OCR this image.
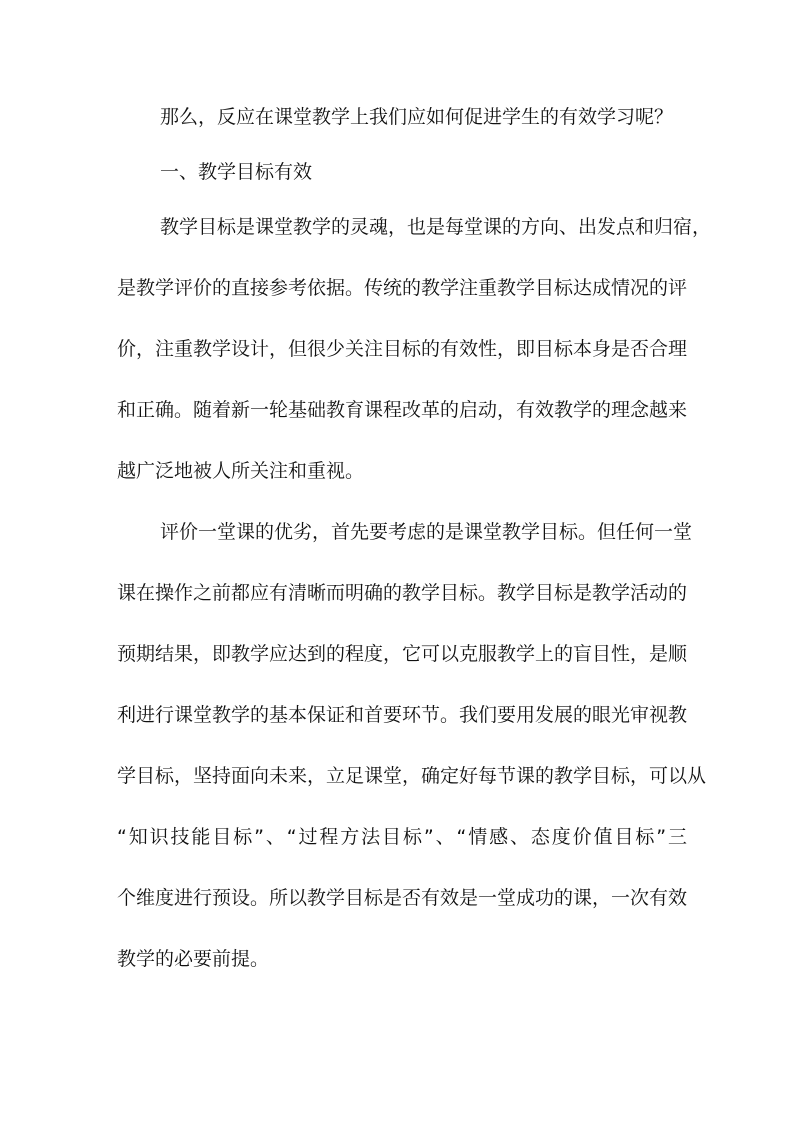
那么，反应在课堂教学上我们应如何促进学生的有效学习呢？

一、教学目标有效

教学目标是课堂教学的灵魂，也是每堂课的方向、出发点和归宿，

是教学评价的直接参考依据。传统的教学注重教学目标达成情况的评

价，注重教学设计，但很少关注目标的有效性，即目标本身是否合理

和正确。随着新一轮基础教育课程改革的启动，有效教学的理念越来

越广泛地被人所关注和重视。

评价一堂课的优劣，首先要考虑的是课堂教学目标。但任何一堂

课在操作之前都应有清晰而明确的教学目标。教学目标是教学活动的

预期结果，即教学应达到的程度，它可以克服教学上的盲目性，是顺

利进行课堂教学的基本保证和首要环节。我们要用发展的眼光审视教

学目标，坚持面向未来，立足课堂，确定好每节课的教学目标，可以从

“知识技能目标”、“过程方法目标”、“情感、态度价值目标”三

个维度进行预设。所以教学目标是否有效是一堂成功的课，一次有效

教学的必要前提。
